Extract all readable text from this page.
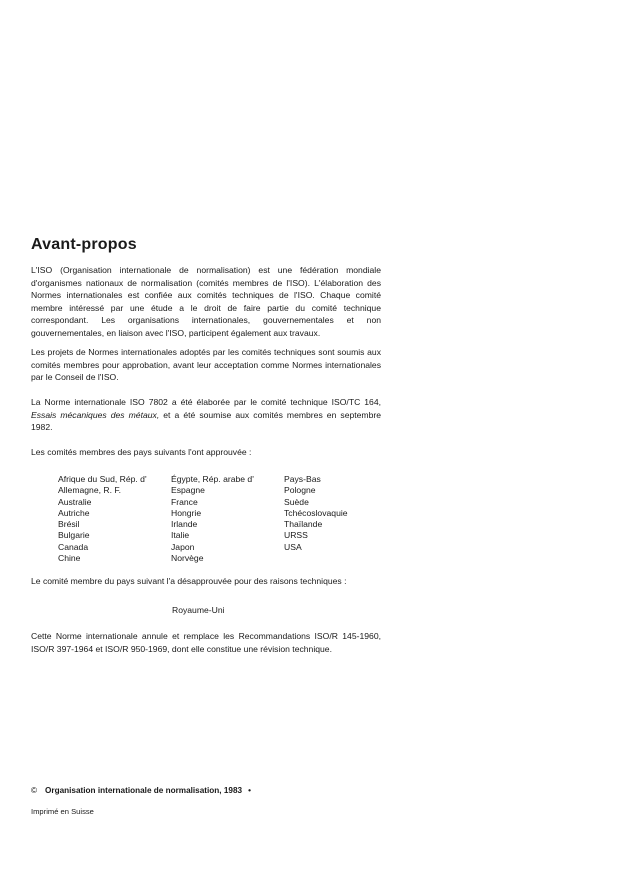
Avant-propos

L'ISO (Organisation internationale de normalisation) est une fédération mondiale d'organismes nationaux de normalisation (comités membres de l'ISO). L'élaboration des Normes internationales est confiée aux comités techniques de l'ISO. Chaque comité membre intéressé par une étude a le droit de faire partie du comité technique correspondant. Les organisations internationales, gouvernementales et non gouvernementales, en liaison avec l'ISO, participent également aux travaux.

Les projets de Normes internationales adoptés par les comités techniques sont soumis aux comités membres pour approbation, avant leur acceptation comme Normes internationales par le Conseil de l'ISO.

La Norme internationale ISO 7802 a été élaborée par le comité technique ISO/TC 164, Essais mécaniques des métaux, et a été soumise aux comités membres en septembre 1982.

Les comités membres des pays suivants l'ont approuvée :

Afrique du Sud, Rép. d'
Allemagne, R. F.
Australie
Autriche
Brésil
Bulgarie
Canada
Chine
Égypte, Rép. arabe d'
Espagne
France
Hongrie
Irlande
Italie
Japon
Norvège
Pays-Bas
Pologne
Suède
Tchécoslovaquie
Thaïlande
URSS
USA

Le comité membre du pays suivant l'a désapprouvée pour des raisons techniques :

Royaume-Uni

Cette Norme internationale annule et remplace les Recommandations ISO/R 145-1960, ISO/R 397-1964 et ISO/R 950-1969, dont elle constitue une révision technique.

© Organisation internationale de normalisation, 1983 •
Imprimé en Suisse
